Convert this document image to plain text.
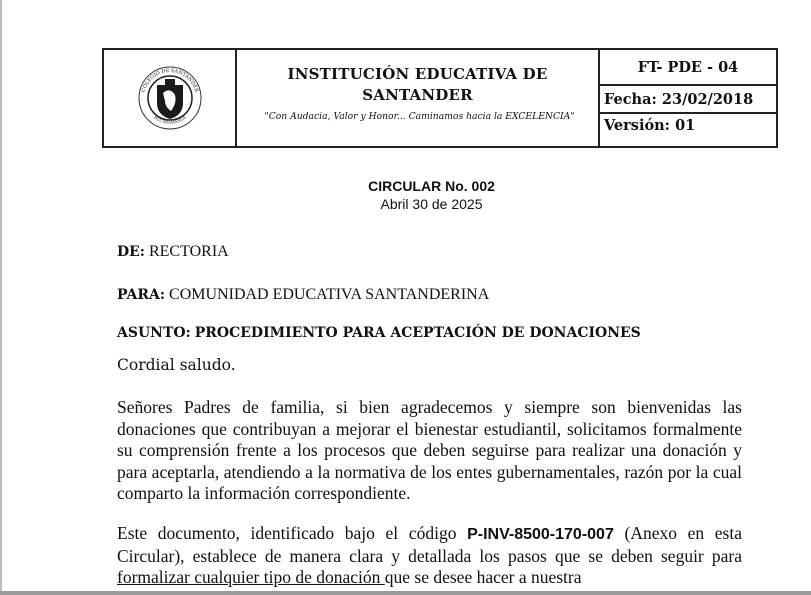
COLEGIO DE SANTANDER
BUCARAMANGA
INSTITUCIÓN EDUCATIVA DE
SANTANDER
"Con Audacia, Valor y Honor... Caminamos hacia la EXCELENCIA"
FT- PDE - 04
Fecha: 23/02/2018
Versión: 01
CIRCULAR No. 002
Abril 30 de 2025
DE: RECTORIA
PARA: COMUNIDAD EDUCATIVA SANTANDERINA
ASUNTO: PROCEDIMIENTO PARA ACEPTACIÓN DE DONACIONES
Cordial saludo.
Señores Padres de familia, si bien agradecemos y siempre son bienvenidas las donaciones que contribuyan a mejorar el bienestar estudiantil, solicitamos formalmente su comprensión frente a los procesos que deben seguirse para realizar una donación y para aceptarla, atendiendo a la normativa de los entes gubernamentales, razón por la cual comparto la información correspondiente.
Este documento, identificado bajo el código P-INV-8500-170-007 (Anexo en esta Circular), establece de manera clara y detallada los pasos que se deben seguir para formalizar cualquier tipo de donación que se desee hacer a nuestra
